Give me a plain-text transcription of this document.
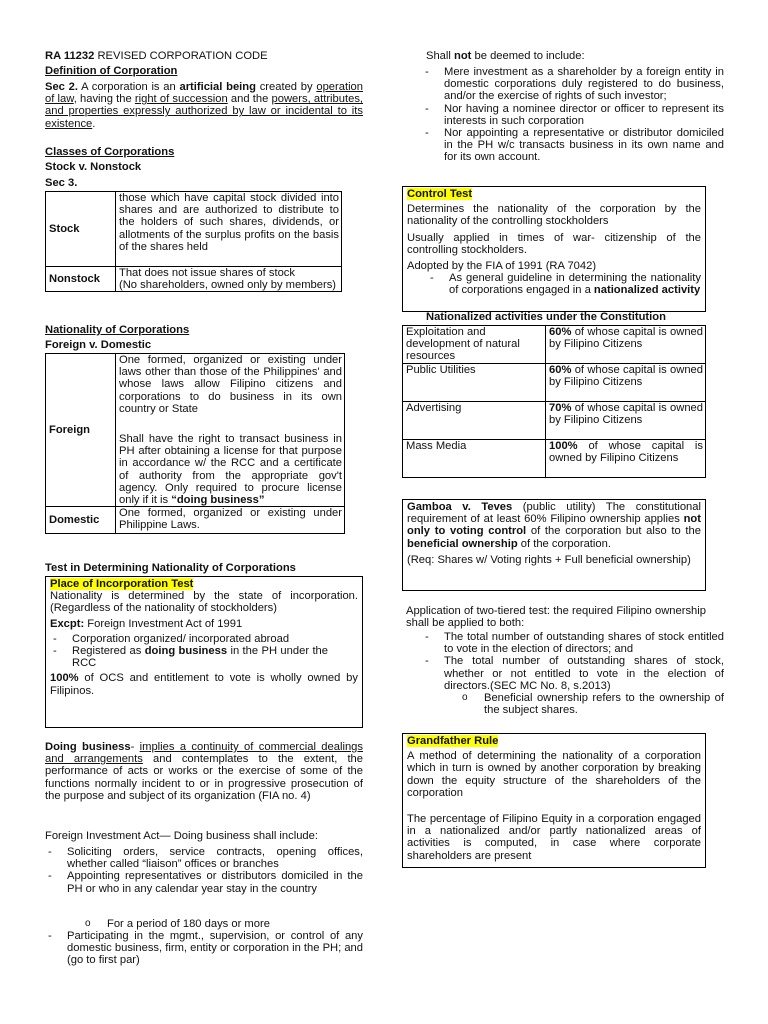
RA 11232 REVISED CORPORATION CODE

Definition of Corporation

Sec 2. A corporation is an artificial being created by operation of law, having the right of succession and the powers, attributes, and properties expressly authorized by law or incidental to its existence.

Classes of Corporations

Stock v. Nonstock

Sec 3.

Stock	those which have capital stock divided into shares and are authorized to distribute to the holders of such shares, dividends, or allotments of the surplus profits on the basis of the shares held
Nonstock	That does not issue shares of stock
(No shareholders, owned only by members)

Nationality of Corporations

Foreign v. Domestic

Foreign	One formed, organized or existing under laws other than those of the Philippines' and whose laws allow Filipino citizens and corporations to do business in its own country or State
Shall have the right to transact business in PH after obtaining a license for that purpose in accordance w/ the RCC and a certificate of authority from the appropriate gov't agency. Only required to procure license only if it is “doing business”

Domestic	One formed, organized or existing under Philippine Laws.

Test in Determining Nationality of Corporations

Place of Incorporation Test

Nationality is determined by the state of incorporation. (Regardless of the nationality of stockholders)

Excpt: Foreign Investment Act of 1991

- Corporation organized/ incorporated abroad
- Registered as doing business in the PH under the RCC

100% of OCS and entitlement to vote is wholly owned by Filipinos.

Doing business- implies a continuity of commercial dealings and arrangements and contemplates to the extent, the performance of acts or works or the exercise of some of the functions normally incident to or in progressive prosecution of the purpose and subject of its organization (FIA no. 4)

Foreign Investment Act— Doing business shall include:

- Soliciting orders, service contracts, opening offices, whether called “liaison” offices or branches
- Appointing representatives or distributors domiciled in the PH or who in any calendar year stay in the country
o For a period of 180 days or more
- Participating in the mgmt., supervision, or control of any domestic business, firm, entity or corporation in the PH; and (go to first par)

Shall not be deemed to include:

- Mere investment as a shareholder by a foreign entity in domestic corporations duly registered to do business, and/or the exercise of rights of such investor;
- Nor having a nominee director or officer to represent its interests in such corporation
- Nor appointing a representative or distributor domiciled in the PH w/c transacts business in its own name and for its own account.

Control Test

Determines the nationality of the corporation by the nationality of the controlling stockholders

Usually applied in times of war- citizenship of the controlling stockholders.

Adopted by the FIA of 1991 (RA 7042)

- As general guideline in determining the nationality of corporations engaged in a nationalized activity

Nationalized activities under the Constitution

Exploitation and development of natural resources	60% of whose capital is owned by Filipino Citizens
Public Utilities	60% of whose capital is owned by Filipino Citizens
Advertising	70% of whose capital is owned by Filipino Citizens
Mass Media	100% of whose capital is owned by Filipino Citizens

Gamboa v. Teves (public utility) The constitutional requirement of at least 60% Filipino ownership applies not only to voting control of the corporation but also to the beneficial ownership of the corporation.

(Req: Shares w/ Voting rights + Full beneficial ownership)

Application of two-tiered test: the required Filipino ownership shall be applied to both:

- The total number of outstanding shares of stock entitled to vote in the election of directors; and
- The total number of outstanding shares of stock, whether or not entitled to vote in the election of directors.(SEC MC No. 8, s.2013)
o Beneficial ownership refers to the ownership of the subject shares.

Grandfather Rule

A method of determining the nationality of a corporation which in turn is owned by another corporation by breaking down the equity structure of the shareholders of the corporation

The percentage of Filipino Equity in a corporation engaged in a nationalized and/or partly nationalized areas of activities is computed, in case where corporate shareholders are present
